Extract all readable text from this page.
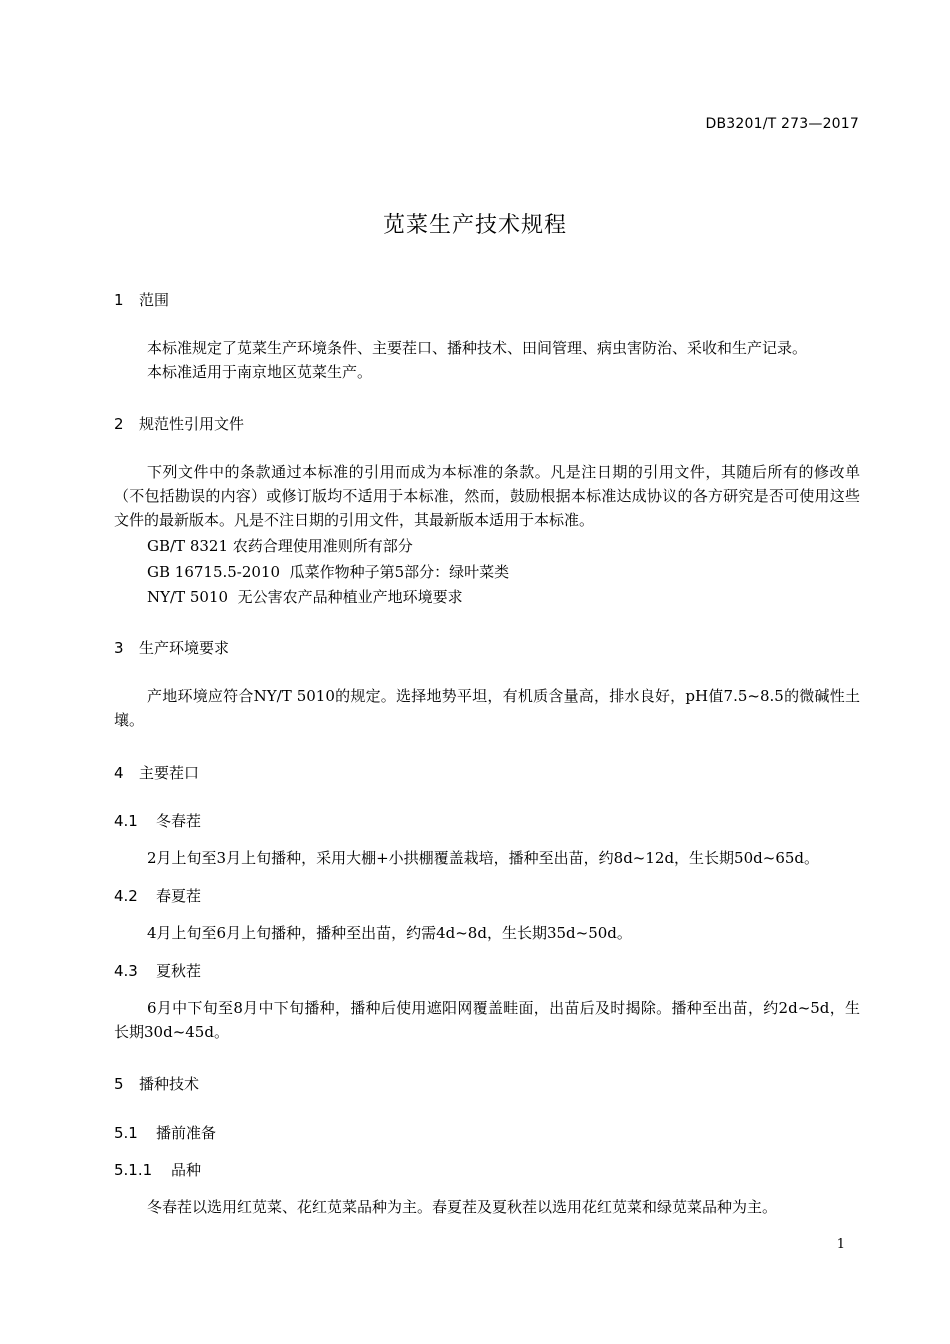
DB3201/T 273—2017
苋菜生产技术规程
1 范围
本标准规定了苋菜生产环境条件、主要茬口、播种技术、田间管理、病虫害防治、采收和生产记录。
本标准适用于南京地区苋菜生产。
2 规范性引用文件
下列文件中的条款通过本标准的引用而成为本标准的条款。凡是注日期的引用文件，其随后所有的修改单（不包括勘误的内容）或修订版均不适用于本标准，然而，鼓励根据本标准达成协议的各方研究是否可使用这些文件的最新版本。凡是不注日期的引用文件，其最新版本适用于本标准。
GB/T 8321 农药合理使用准则所有部分
GB 16715.5-2010 瓜菜作物种子第5部分：绿叶菜类
NY/T 5010 无公害农产品种植业产地环境要求
3 生产环境要求
产地环境应符合NY/T 5010的规定。选择地势平坦，有机质含量高，排水良好，pH值7.5~8.5的微碱性土壤。
4 主要茬口
4.1 冬春茬
2月上旬至3月上旬播种，采用大棚+小拱棚覆盖栽培，播种至出苗，约8d~12d，生长期50d~65d。
4.2 春夏茬
4月上旬至6月上旬播种，播种至出苗，约需4d~8d，生长期35d~50d。
4.3 夏秋茬
6月中下旬至8月中下旬播种，播种后使用遮阳网覆盖畦面，出苗后及时揭除。播种至出苗，约2d~5d，生长期30d~45d。
5 播种技术
5.1 播前准备
5.1.1 品种
冬春茬以选用红苋菜、花红苋菜品种为主。春夏茬及夏秋茬以选用花红苋菜和绿苋菜品种为主。
1
